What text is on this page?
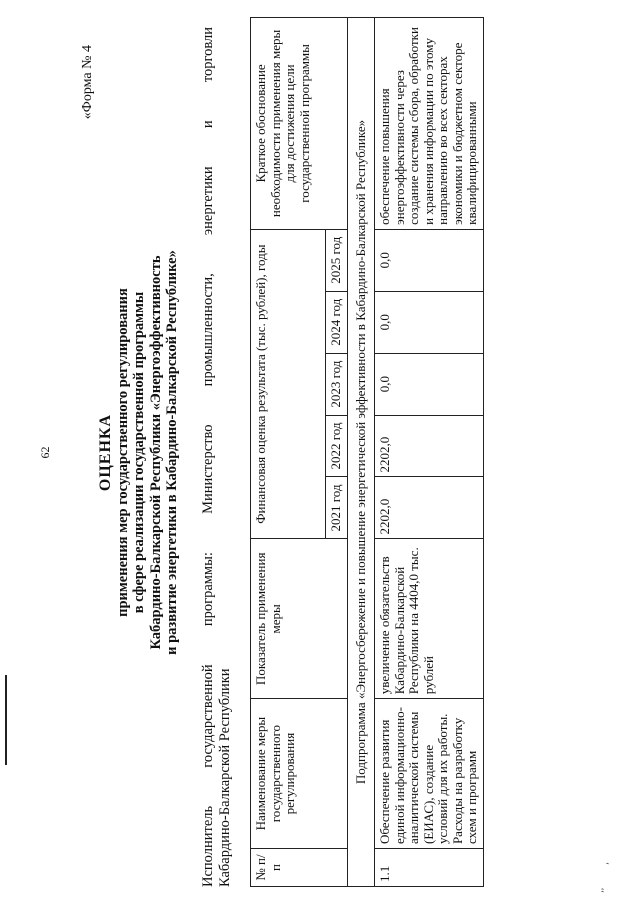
’
’’
62
«Форма № 4
ОЦЕНКА применения мер государственного регулирования в сфере реализации государственной программы Кабардино-Балкарской Республики «Энергоэффективность и развитие энергетики в Кабардино-Балкарской Республике»
Исполнитель
государственной
программы:
Министерство
промышленности,
энергетики
и
торговли
Кабардино-Балкарской Республики № п/п	Наименование меры государственного регулирования	Показатель применения меры	Финансовая оценка результата (тыс. рублей), годы					Краткое обоснование необходимости применения меры для достижения цели государственной программы
			2021 год	2022 год	2023 год	2024 год	2025 год	
Подпрограмма «Энергосбережение и повышение энергетической эффективности в Кабардино-Балкарской Республике»								
1.1	Обеспечение развития единой информационно-аналитической системы (ЕИАС), создание условий для их работы. Расходы на разработку схем и программ	увеличение обязательств Кабардино-Балкарской Республики на 4404,0 тыс. рублей	2202,0	2202,0	0,0	0,0	0,0	обеспечение повышения энергоэффективности через создание системы сбора, обработки и хранения информации по этому направлению во всех секторах экономики и бюджетном секторе квалифицированными
